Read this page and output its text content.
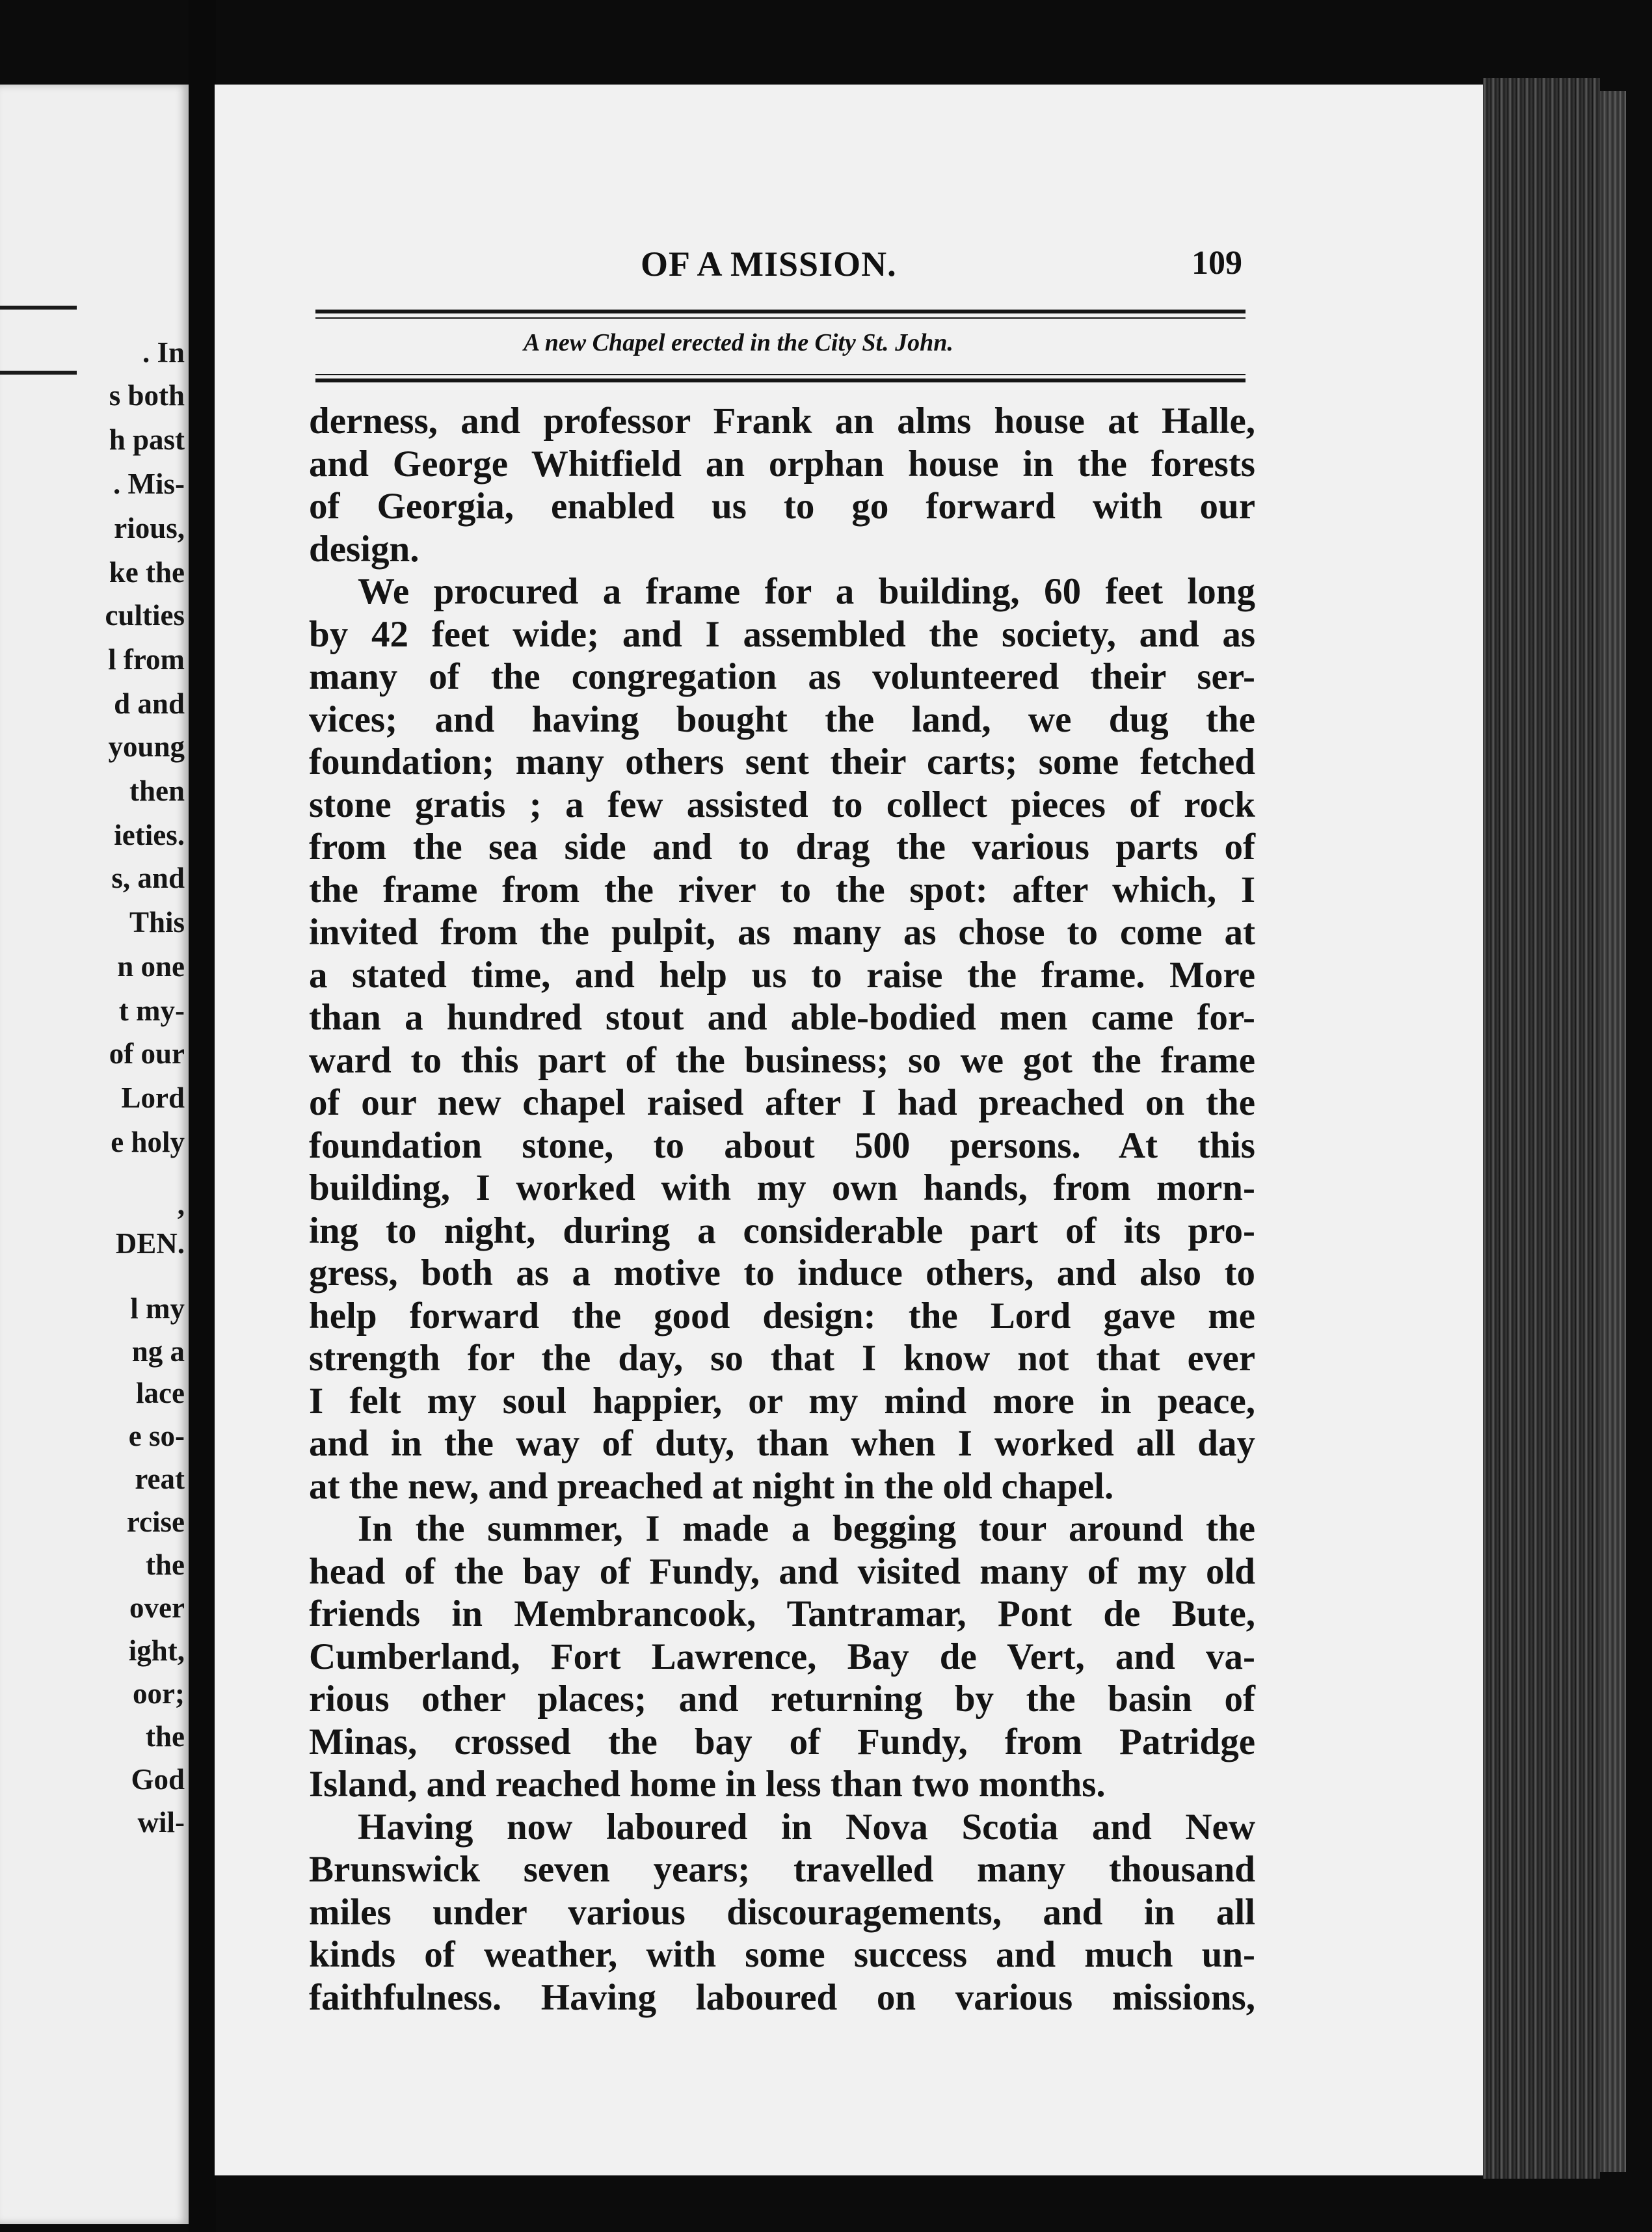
. In
s both
h past
. Mis-
rious,
ke the
culties
l from
d and
young
then
ieties.
s, and
This
n one
t my-
of our
Lord
e holy
,
DEN.
l my
ng a
lace
e so-
reat
rcise
the
over
ight,
oor;
the
God
wil-
OF A MISSION.	109
A new Chapel erected in the City St. John.
derness, and professor Frank an alms house at Halle,
and George Whitfield an orphan house in the forests
of Georgia, enabled us to go forward with our
design.
We procured a frame for a building, 60 feet long
by 42 feet wide; and I assembled the society, and as
many of the congregation as volunteered their ser-
vices; and having bought the land, we dug the
foundation; many others sent their carts; some fetched
stone gratis ; a few assisted to collect pieces of rock
from the sea side and to drag the various parts of
the frame from the river to the spot: after which, I
invited from the pulpit, as many as chose to come at
a stated time, and help us to raise the frame. More
than a hundred stout and able-bodied men came for-
ward to this part of the business; so we got the frame
of our new chapel raised after I had preached on the
foundation stone, to about 500 persons. At this
building, I worked with my own hands, from morn-
ing to night, during a considerable part of its pro-
gress, both as a motive to induce others, and also to
help forward the good design: the Lord gave me
strength for the day, so that I know not that ever
I felt my soul happier, or my mind more in peace,
and in the way of duty, than when I worked all day
at the new, and preached at night in the old chapel.
In the summer, I made a begging tour around the
head of the bay of Fundy, and visited many of my old
friends in Membrancook, Tantramar, Pont de Bute,
Cumberland, Fort Lawrence, Bay de Vert, and va-
rious other places; and returning by the basin of
Minas, crossed the bay of Fundy, from Patridge
Island, and reached home in less than two months.
Having now laboured in Nova Scotia and New
Brunswick seven years; travelled many thousand
miles under various discouragements, and in all
kinds of weather, with some success and much un-
faithfulness. Having laboured on various missions,
